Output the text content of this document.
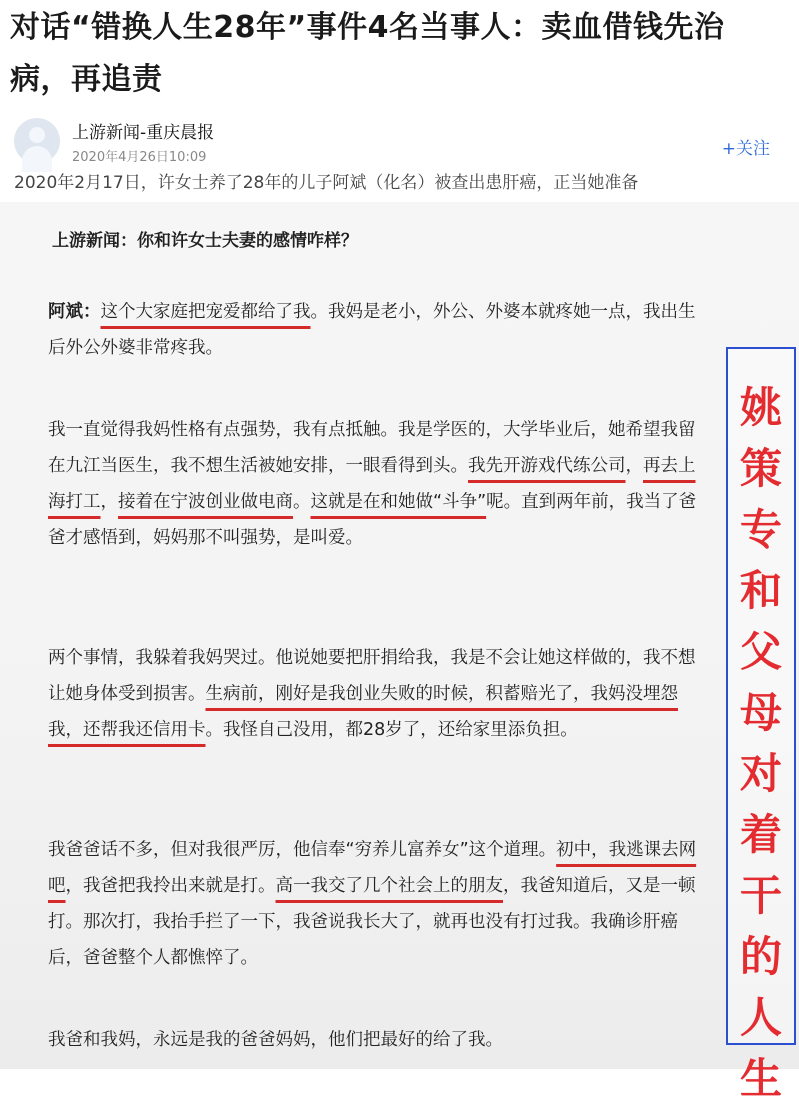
对话“错换人生28年”事件4名当事人：卖血借钱先治病，再追责
上游新闻-重庆晨报
2020年4月26日10:09	+关注
2020年2月17日，许女士养了28年的儿子阿斌（化名）被查出患肝癌，正当她准备
上游新闻：你和许女士夫妻的感情咋样？
阿斌：这个大家庭把宠爱都给了我。我妈是老小，外公、外婆本就疼她一点，我出生后外公外婆非常疼我。
我一直觉得我妈性格有点强势，我有点抵触。我是学医的，大学毕业后，她希望我留在九江当医生，我不想生活被她安排，一眼看得到头。我先开游戏代练公司，再去上海打工，接着在宁波创业做电商。这就是在和她做“斗争”呢。直到两年前，我当了爸爸才感悟到，妈妈那不叫强势，是叫爱。
两个事情，我躲着我妈哭过。他说她要把肝捐给我，我是不会让她这样做的，我不想让她身体受到损害。生病前，刚好是我创业失败的时候，积蓄赔光了，我妈没埋怨我，还帮我还信用卡。我怪自己没用，都28岁了，还给家里添负担。
我爸爸话不多，但对我很严厉，他信奉“穷养儿富养女”这个道理。初中，我逃课去网吧，我爸把我拎出来就是打。高一我交了几个社会上的朋友，我爸知道后，又是一顿打。那次打，我抬手拦了一下，我爸说我长大了，就再也没有打过我。我确诊肝癌后，爸爸整个人都憔悴了。
我爸和我妈，永远是我的爸爸妈妈，他们把最好的给了我。
姚
策
专
和
父
母
对
着
干
的
人
生
